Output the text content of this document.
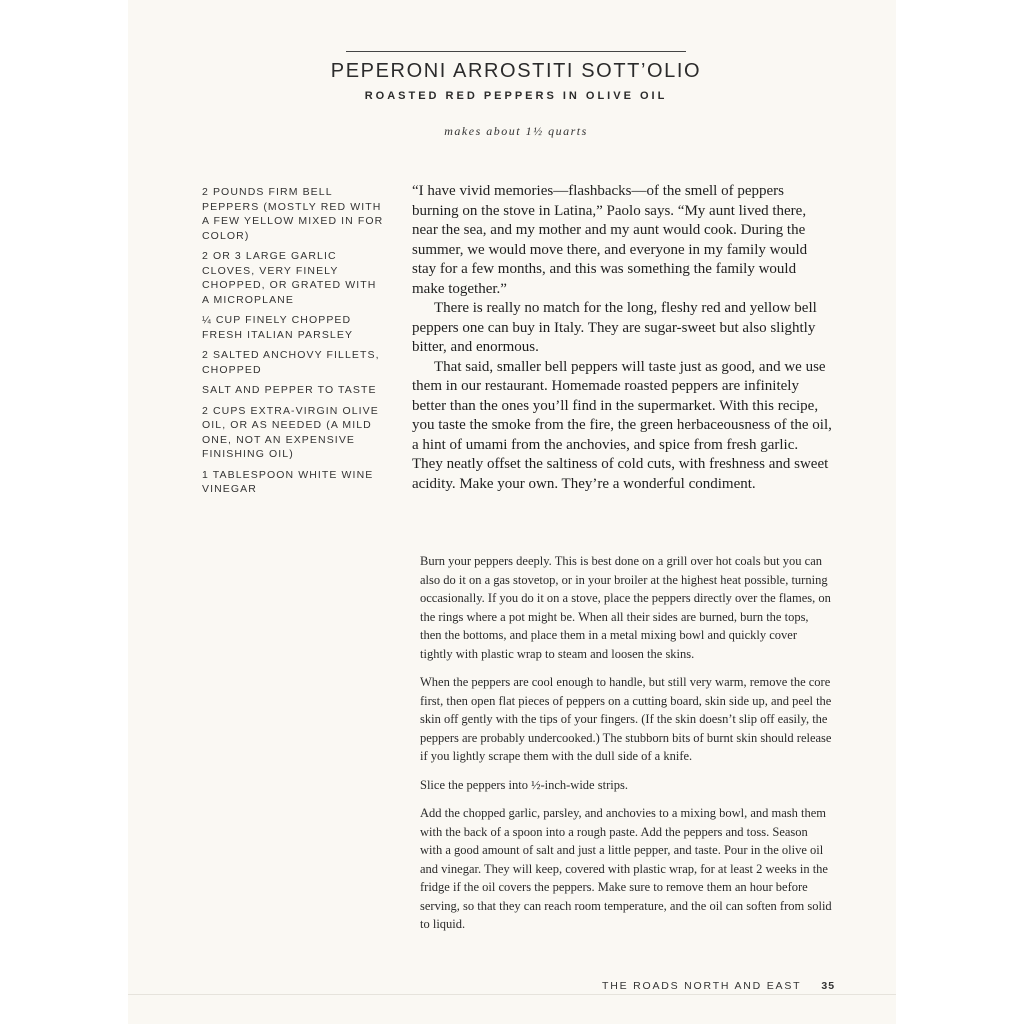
PEPERONI ARROSTITI SOTT’OLIO
ROASTED RED PEPPERS IN OLIVE OIL
makes about 1½ quarts
2 POUNDS FIRM BELL PEPPERS (MOSTLY RED WITH A FEW YELLOW MIXED IN FOR COLOR)
2 OR 3 LARGE GARLIC CLOVES, VERY FINELY CHOPPED, OR GRATED WITH A MICROPLANE
¼ CUP FINELY CHOPPED FRESH ITALIAN PARSLEY
2 SALTED ANCHOVY FILLETS, CHOPPED
SALT AND PEPPER TO TASTE
2 CUPS EXTRA-VIRGIN OLIVE OIL, OR AS NEEDED (A MILD ONE, NOT AN EXPENSIVE FINISHING OIL)
1 TABLESPOON WHITE WINE VINEGAR

“I have vivid memories—flashbacks—of the smell of peppers burning on the stove in Latina,” Paolo says. “My aunt lived there, near the sea, and my mother and my aunt would cook. During the summer, we would move there, and everyone in my family would stay for a few months, and this was something the family would make together.”

There is really no match for the long, fleshy red and yellow bell peppers one can buy in Italy. They are sugar-sweet but also slightly bitter, and enormous.

That said, smaller bell peppers will taste just as good, and we use them in our restaurant. Homemade roasted peppers are infinitely better than the ones you’ll find in the supermarket. With this recipe, you taste the smoke from the fire, the green herbaceousness of the oil, a hint of umami from the anchovies, and spice from fresh garlic. They neatly offset the saltiness of cold cuts, with freshness and sweet acidity. Make your own. They’re a wonderful condiment.

Burn your peppers deeply. This is best done on a grill over hot coals but you can also do it on a gas stovetop, or in your broiler at the highest heat possible, turning occasionally. If you do it on a stove, place the peppers directly over the flames, on the rings where a pot might be. When all their sides are burned, burn the tops, then the bottoms, and place them in a metal mixing bowl and quickly cover tightly with plastic wrap to steam and loosen the skins.

When the peppers are cool enough to handle, but still very warm, remove the core first, then open flat pieces of peppers on a cutting board, skin side up, and peel the skin off gently with the tips of your fingers. (If the skin doesn’t slip off easily, the peppers are probably undercooked.) The stubborn bits of burnt skin should release if you lightly scrape them with the dull side of a knife.

Slice the peppers into ½-inch-wide strips.

Add the chopped garlic, parsley, and anchovies to a mixing bowl, and mash them with the back of a spoon into a rough paste. Add the peppers and toss. Season with a good amount of salt and just a little pepper, and taste. Pour in the olive oil and vinegar. They will keep, covered with plastic wrap, for at least 2 weeks in the fridge if the oil covers the peppers. Make sure to remove them an hour before serving, so that they can reach room temperature, and the oil can soften from solid to liquid.

THE ROADS NORTH AND EAST 35
